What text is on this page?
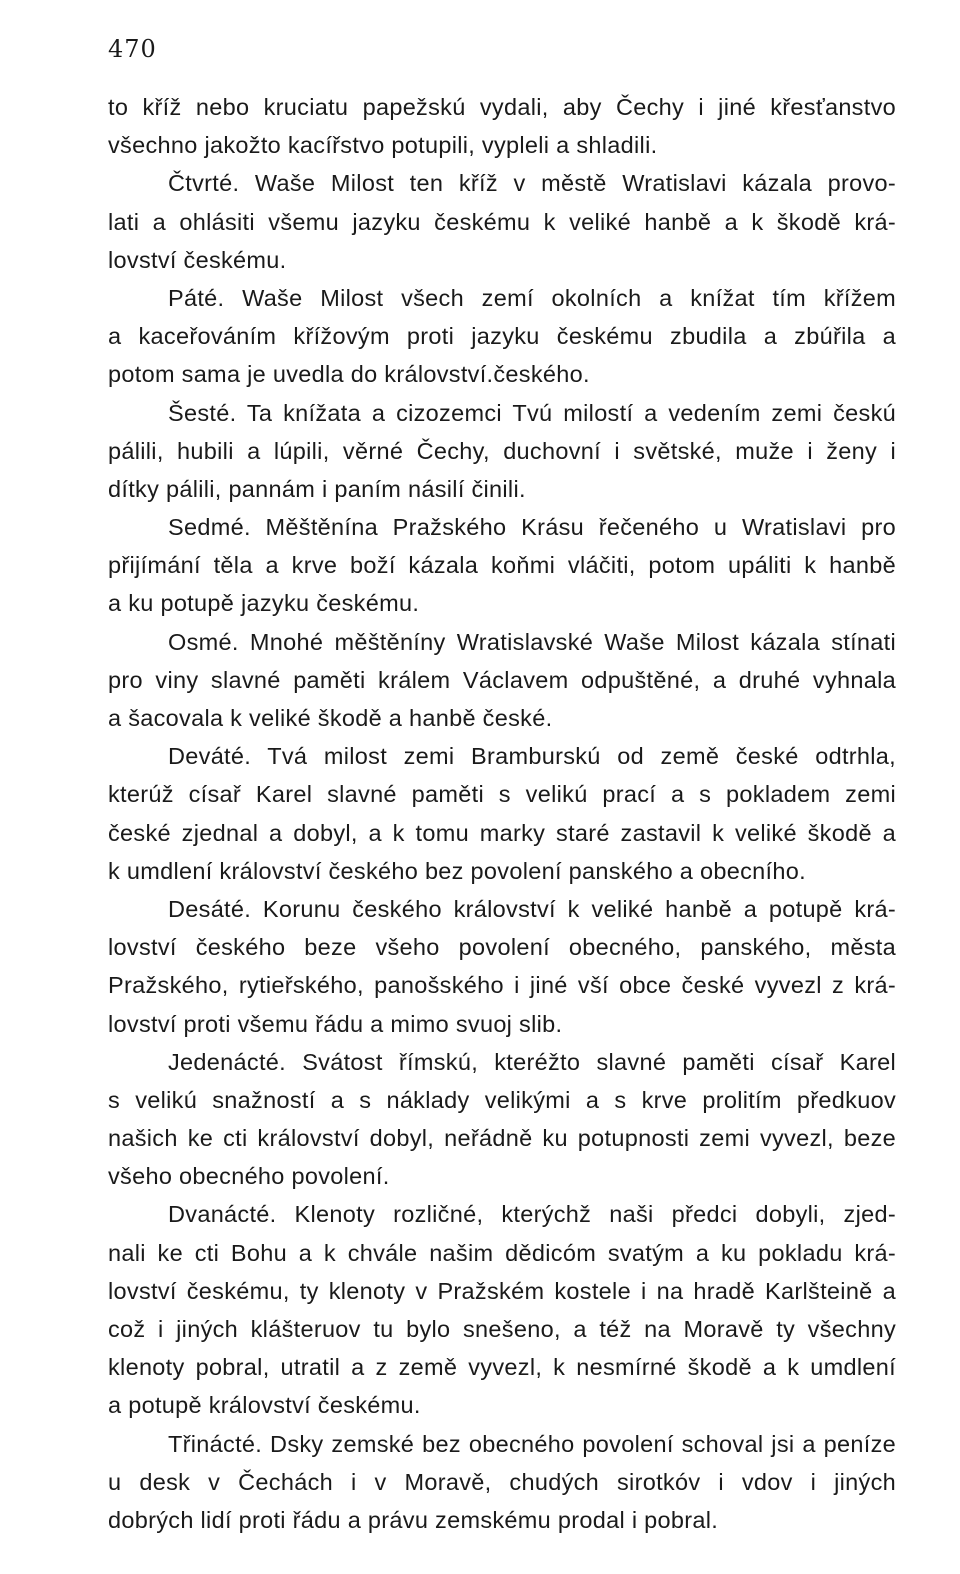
470
to kříž nebo kruciatu papežskú vydali, aby Čechy i jiné křesťanstvo
všechno jakožto kacířstvo potupili, vypleli a shladili.
Čtvrté. Waše Milost ten kříž v městě Wratislavi kázala provo-
lati a ohlásiti všemu jazyku českému k veliké hanbě a k škodě krá-
lovství českému.
Páté. Waše Milost všech zemí okolních a knížat tím křížem
a kaceřováním křížovým proti jazyku českému zbudila a zbúřila a
potom sama je uvedla do království.českého.
Šesté. Ta knížata a cizozemci Tvú milostí a vedením zemi českú
pálili, hubili a lúpili, věrné Čechy, duchovní i světské, muže i ženy i
dítky pálili, pannám i paním násilí činili.
Sedmé. Měštěnína Pražského Krásu řečeného u Wratislavi pro
přijímání těla a krve boží kázala koňmi vláčiti, potom upáliti k hanbě
a ku potupě jazyku českému.
Osmé. Mnohé měštěníny Wratislavské Waše Milost kázala stínati
pro viny slavné paměti králem Václavem odpuštěné, a druhé vyhnala
a šacovala k veliké škodě a hanbě české.
Deváté. Tvá milost zemi Bramburskú od země české odtrhla,
kterúž císař Karel slavné paměti s velikú prací a s pokladem zemi
české zjednal a dobyl, a k tomu marky staré zastavil k veliké škodě a
k umdlení království českého bez povolení panského a obecního.
Desáté. Korunu českého království k veliké hanbě a potupě krá-
lovství českého beze všeho povolení obecného, panského, města
Pražského, rytieřského, panošského i jiné vší obce české vyvezl z krá-
lovství proti všemu řádu a mimo svuoj slib.
Jedenácté. Svátost římskú, kteréžto slavné paměti císař Karel
s velikú snažností a s náklady velikými a s krve prolitím předkuov
našich ke cti království dobyl, neřádně ku potupnosti zemi vyvezl, beze
všeho obecného povolení.
Dvanácté. Klenoty rozličné, kterýchž naši předci dobyli, zjed-
nali ke cti Bohu a k chvále našim dědicóm svatým a ku pokladu krá-
lovství českému, ty klenoty v Pražském kostele i na hradě Karlšteině a
což i jiných klášteruov tu bylo snešeno, a též na Moravě ty všechny
klenoty pobral, utratil a z země vyvezl, k nesmírné škodě a k umdlení
a potupě království českému.
Třinácté. Dsky zemské bez obecného povolení schoval jsi a peníze
u desk v Čechách i v Moravě, chudých sirotkóv i vdov i jiných
dobrých lidí proti řádu a právu zemskému prodal i pobral.
